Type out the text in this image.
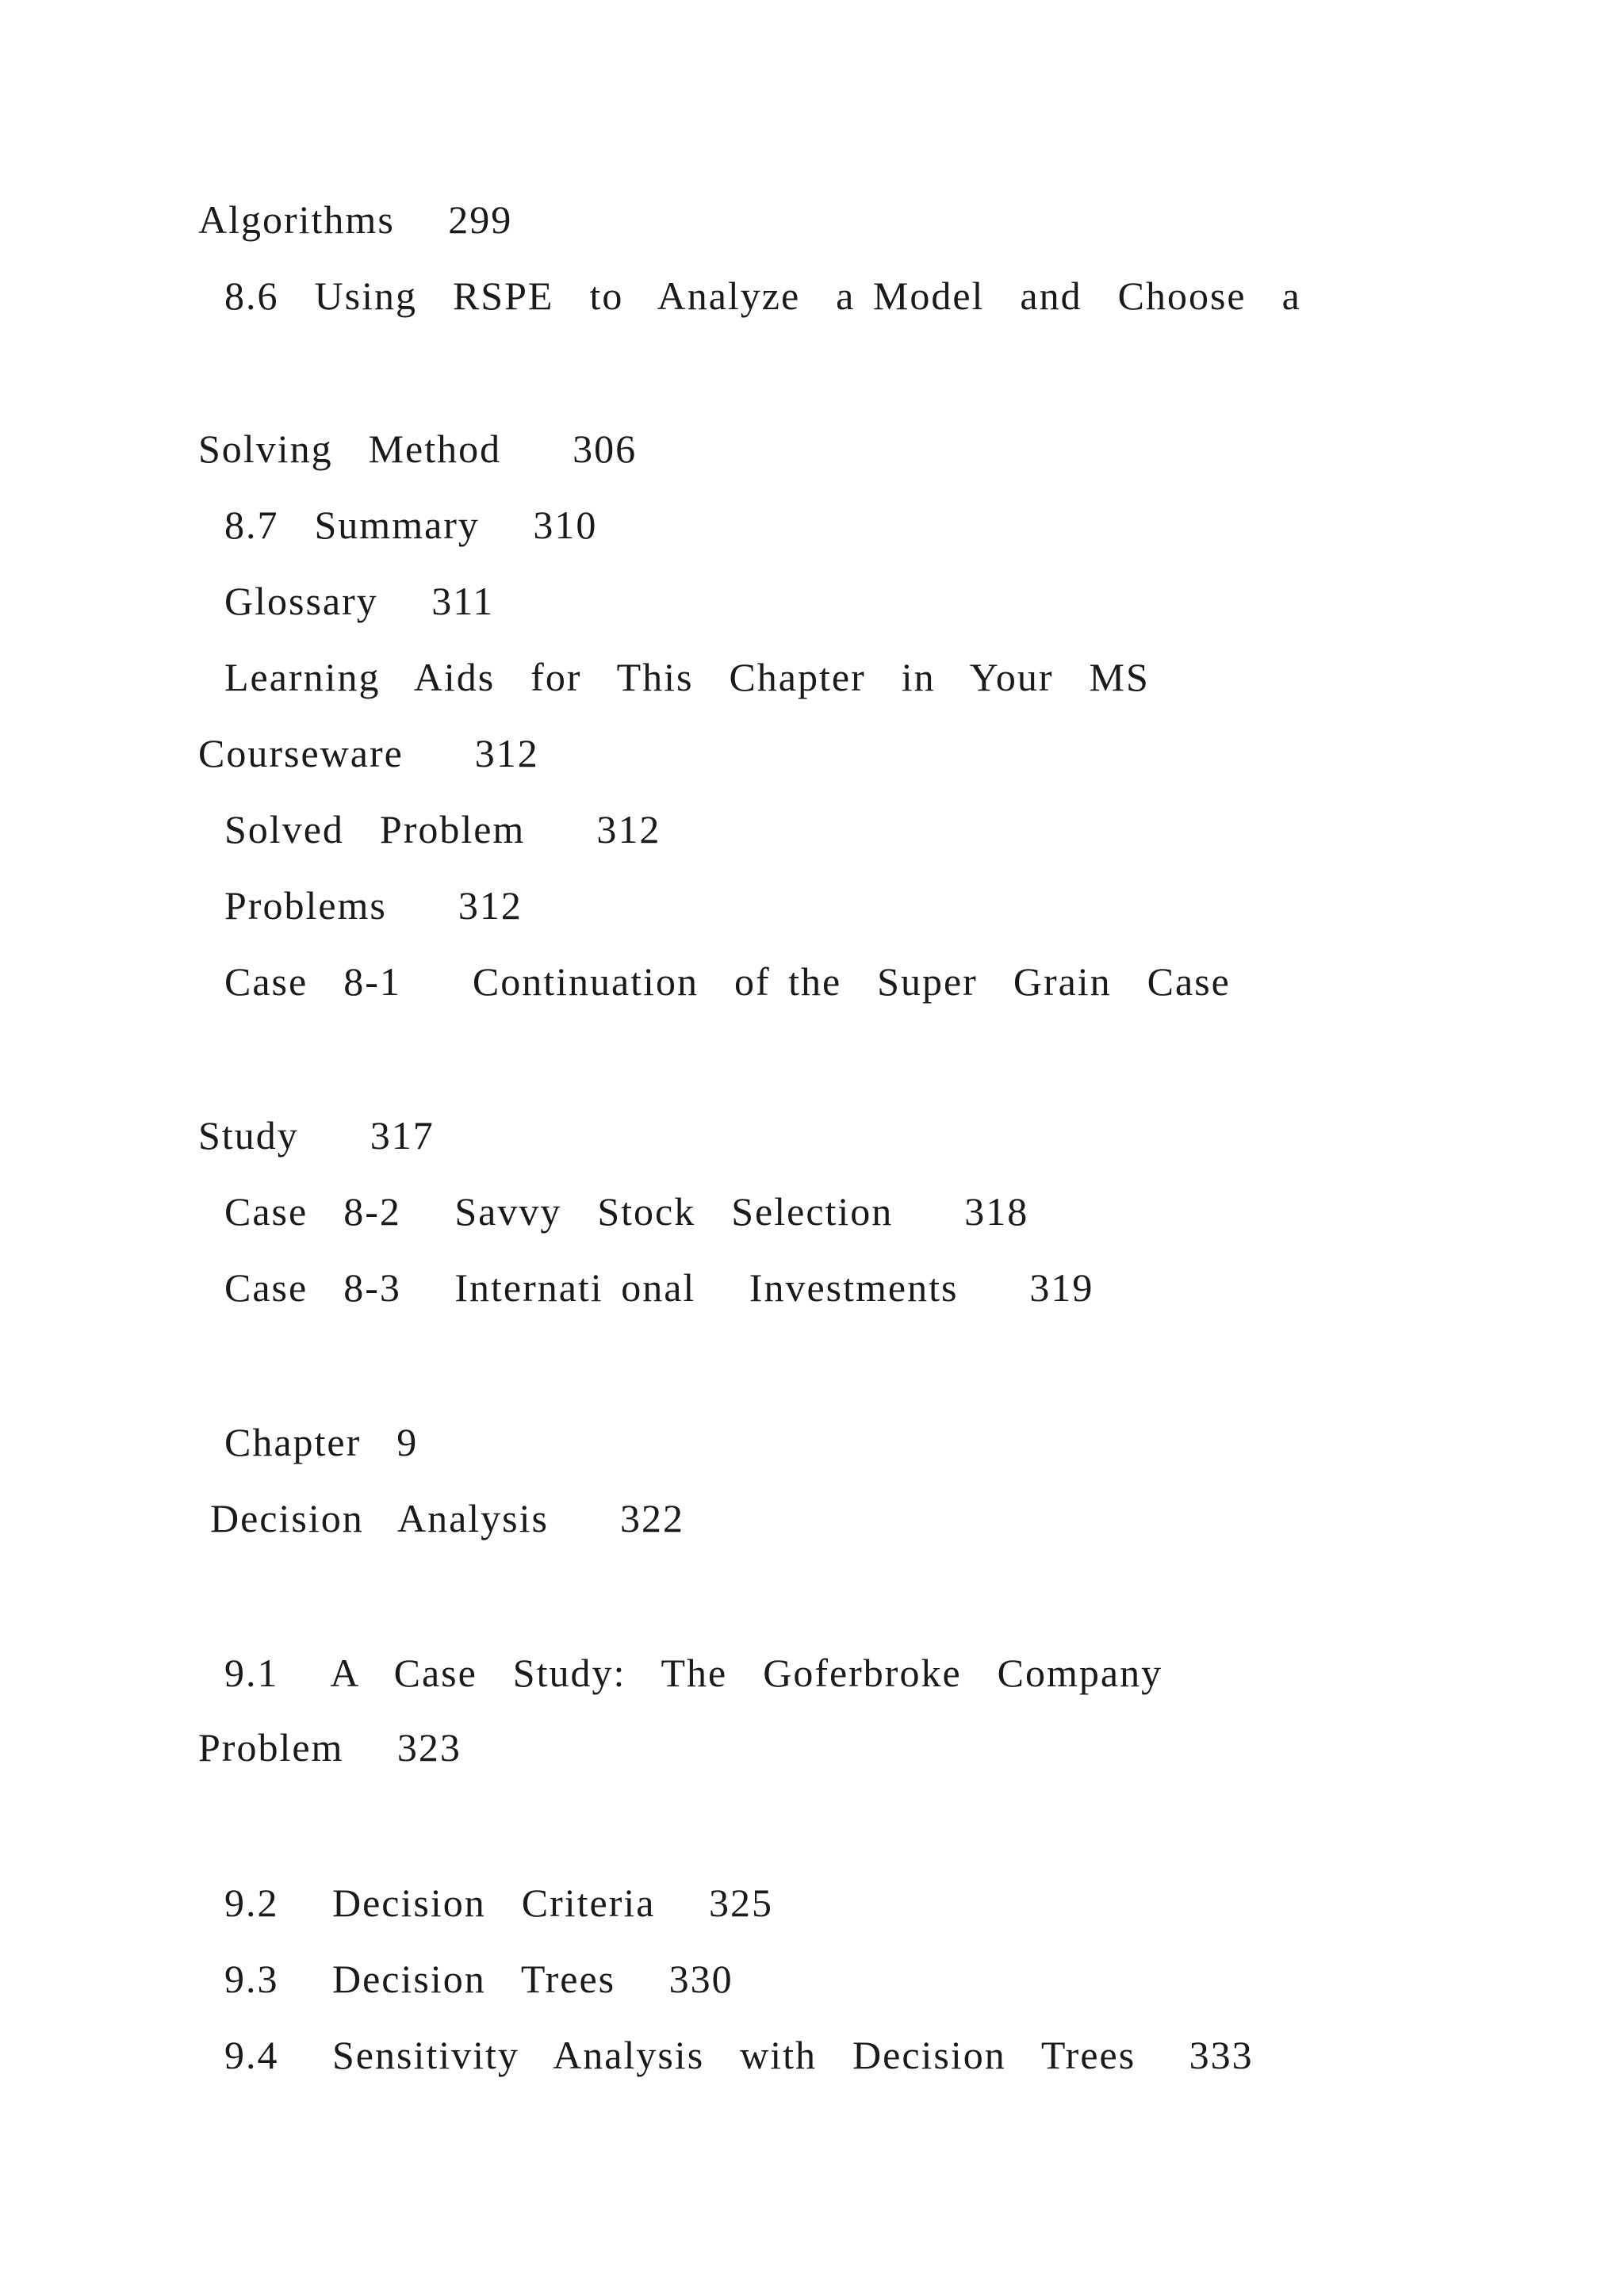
Algorithms   299
8.6  Using  RSPE  to  Analyze  a Model  and  Choose  a
Solving  Method    306
8.7  Summary   310
Glossary   311
Learning  Aids  for  This  Chapter  in  Your  MS
Courseware    312
Solved  Problem    312
Problems    312
Case  8-1    Continuation  of the  Super  Grain  Case
Study    317
Case  8-2   Savvy  Stock  Selection    318
Case  8-3   Internati onal   Investments    319
Chapter  9
Decision  Analysis    322
9.1   A  Case  Study:  The  Goferbroke  Company
Problem   323
9.2   Decision  Criteria   325
9.3   Decision  Trees   330
9.4   Sensitivity  Analysis  with  Decision  Trees   333
